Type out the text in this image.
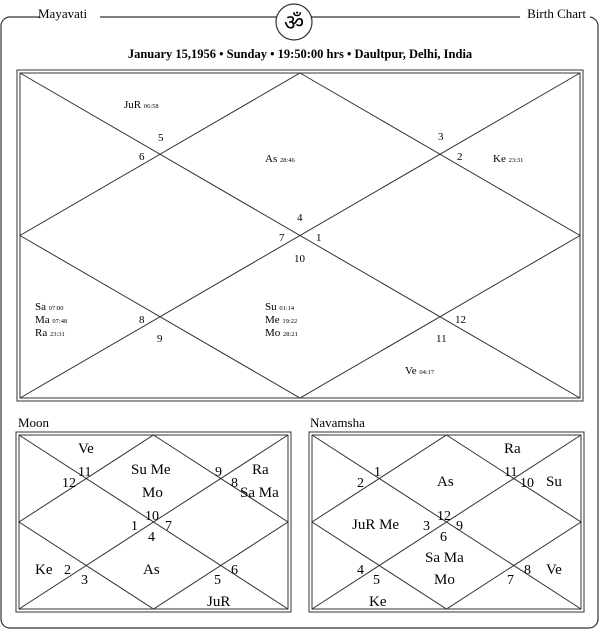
Mayavati	Birth Chart
ॐ
January 15,1956 • Sunday • 19:50:00 hrs • Daultpur, Delhi, India
5
6
3
2
4
7	1
10
8
9
12
11
JuR 06:58
As 28:46	Ke 23:31
Sa 07:00
Ma 07:48
Ra 23:31
Su 01:14
Me 19:22
Mo 28:21
Ve 04:17
Moon
11
12
9
8
10
1 7
4
2
3	5
6
Ve
Su Me
Mo
Ra
Sa Ma
Ke	As
JuR
Navamsha
1
2
11
10
12
3 9
6
4
5	7
8
Ra
As	Su
JuR Me
Sa Ma
Mo
Ve
Ke
